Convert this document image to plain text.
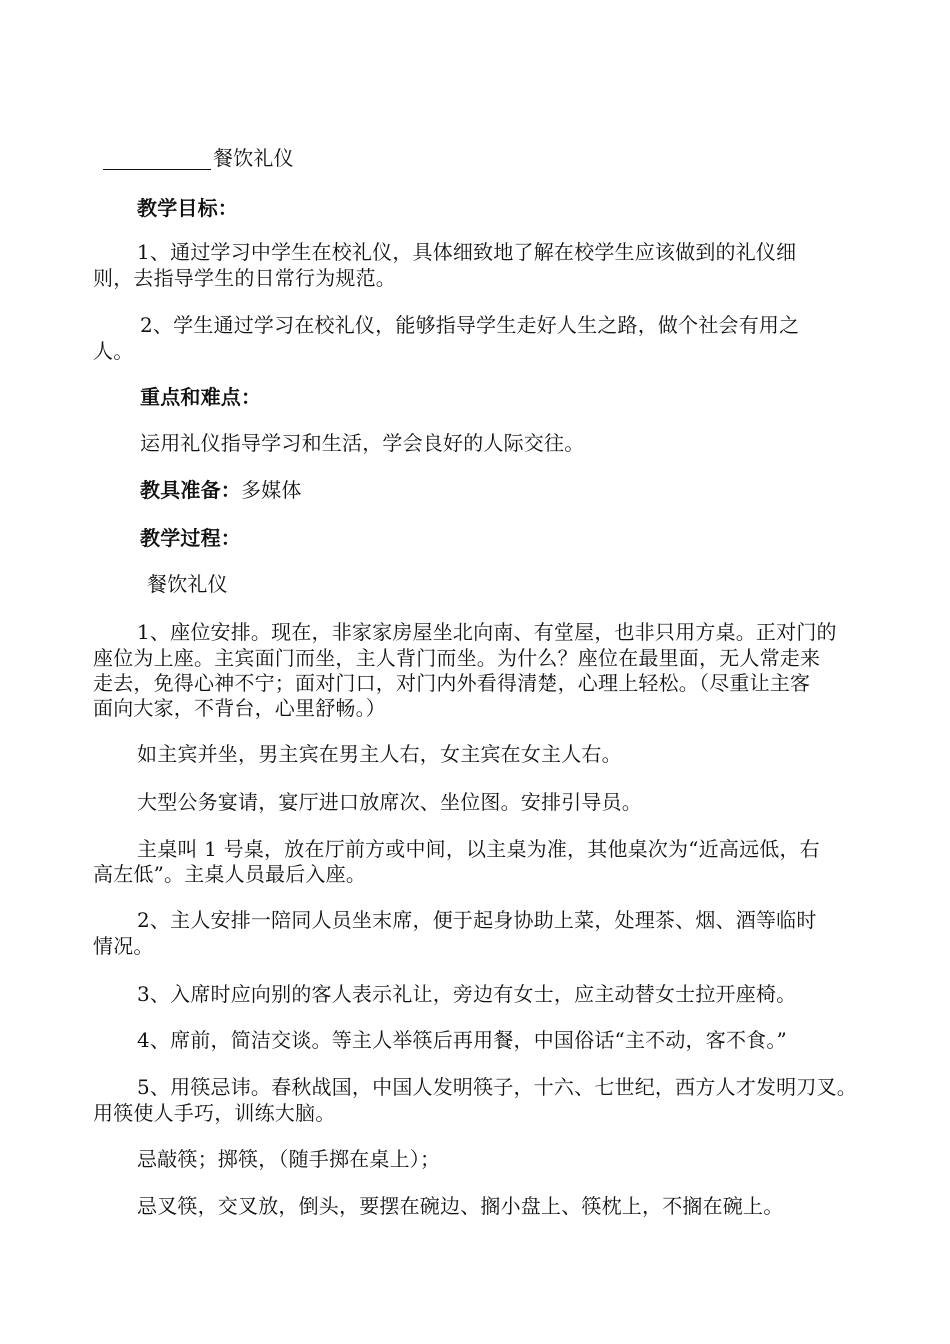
餐饮礼仪
教学目标：
1、通过学习中学生在校礼仪，具体细致地了解在校学生应该做到的礼仪细
则，去指导学生的日常行为规范。
2、学生通过学习在校礼仪，能够指导学生走好人生之路，做个社会有用之
人。
重点和难点：
运用礼仪指导学习和生活，学会良好的人际交往。
教具准备：多媒体
教学过程：
餐饮礼仪
1、座位安排。现在，非家家房屋坐北向南、有堂屋，也非只用方桌。正对门的
座位为上座。主宾面门而坐，主人背门而坐。为什么？座位在最里面，无人常走来
走去，免得心神不宁；面对门口，对门内外看得清楚，心理上轻松。（尽重让主客
面向大家，不背台，心里舒畅。）
如主宾并坐，男主宾在男主人右，女主宾在女主人右。
大型公务宴请，宴厅进口放席次、坐位图。安排引导员。
主桌叫 1 号桌，放在厅前方或中间，以主桌为准，其他桌次为“近高远低，右
高左低”。主桌人员最后入座。
2、主人安排一陪同人员坐末席，便于起身协助上菜，处理茶、烟、酒等临时
情况。
3、入席时应向别的客人表示礼让，旁边有女士，应主动替女士拉开座椅。
4、席前，简洁交谈。等主人举筷后再用餐，中国俗话“主不动，客不食。”
5、用筷忌讳。春秋战国，中国人发明筷子，十六、七世纪，西方人才发明刀叉。
用筷使人手巧，训练大脑。
忌敲筷；掷筷，（随手掷在桌上）；
忌叉筷，交叉放，倒头，要摆在碗边、搁小盘上、筷枕上，不搁在碗上。
